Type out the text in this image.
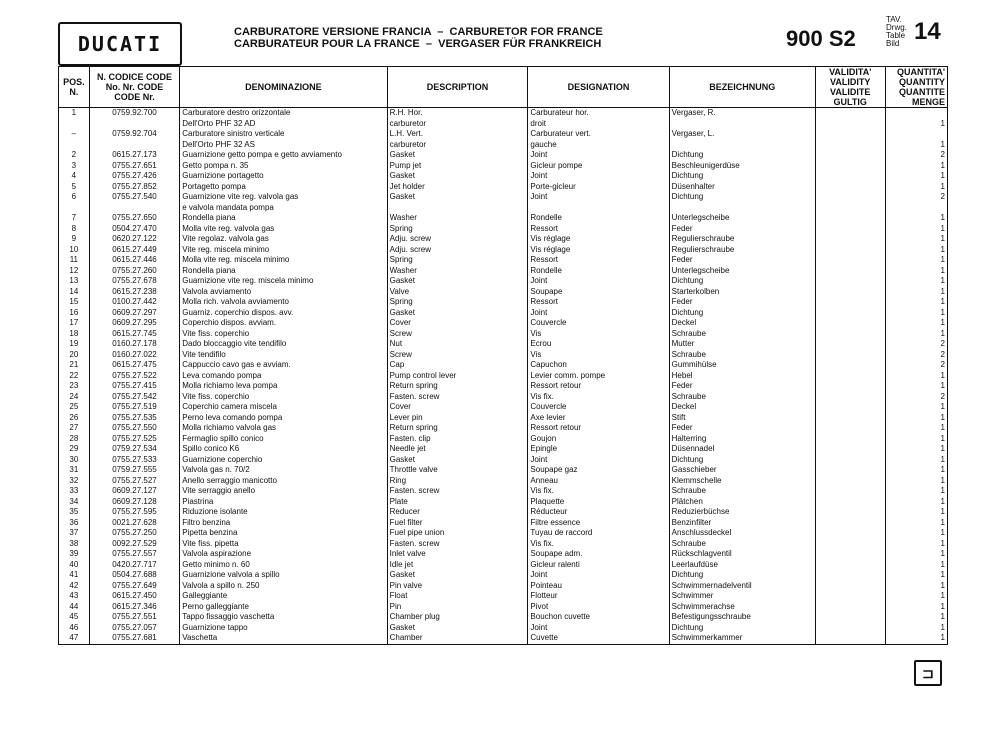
DUCATI	CARBURATORE VERSIONE FRANCIA  –  CARBURETOR FOR FRANCE
CARBURATEUR POUR LA FRANCE  –  VERGASER FÜR FRANKREICH	900 S2
TAV.
Drwg.
Table
Bild 14
POS. N.	N. CODICE CODE No. Nr. CODE CODE Nr.	DENOMINAZIONE	DESCRIPTION	DESIGNATION	BEZEICHNUNG	VALIDITA' VALIDITY VALIDITE GULTIG	QUANTITA' QUANTITY QUANTITE MENGE
1	0759.92.700	Carburatore destro orizzontale	R.H. Hor.	Carburateur hor.	Vergaser, R.		
		Dell'Orto PHF 32 AD	carburetor	droit			1
–	0759.92.704	Carburatore sinistro verticale	L.H. Vert.	Carburateur vert.	Vergaser, L.		
		Dell'Orto PHF 32 AS	carburetor	gauche			1
2	0615.27.173	Guarnizione getto pompa e getto avviamento	Gasket	Joint	Dichtung		2
3	0755.27.651	Getto pompa n. 35	Pump jet	Gicleur pompe	Beschleunigerdüse		1
4	0755.27.426	Guarnizione portagetto	Gasket	Joint	Dichtung		1
5	0755.27.852	Portagetto pompa	Jet holder	Porte-gicleur	Düsenhalter		1
6	0755.27.540	Guarnizione vite reg. valvola gas	Gasket	Joint	Dichtung		2
		e valvola mandata pompa					
7	0755.27.650	Rondella piana	Washer	Rondelle	Unterlegscheibe		1
8	0504.27.470	Molla vite reg. valvola gas	Spring	Ressort	Feder		1
9	0620.27.122	Vite regolaz. valvola gas	Adju. screw	Vis réglage	Regulierschraube		1
10	0615.27.449	Vite reg. miscela minimo	Adju. screw	Vis réglage	Regulierschraube		1
11	0615.27.446	Molla vite reg. miscela minimo	Spring	Ressort	Feder		1
12	0755.27.260	Rondella piana	Washer	Rondelle	Unterlegscheibe		1
13	0755.27.678	Guarnizione vite reg. miscela minimo	Gasket	Joint	Dichtung		1
14	0615.27.238	Valvola avviamento	Valve	Soupape	Starterkolben		1
15	0100.27.442	Molla rich. valvola avviamento	Spring	Ressort	Feder		1
16	0609.27.297	Guarniz. coperchio dispos. avv.	Gasket	Joint	Dichtung		1
17	0609.27.295	Coperchio dispos. avviam.	Cover	Couvercle	Deckel		1
18	0615.27.745	Vite fiss. coperchio	Screw	Vis	Schraube		1
19	0160.27.178	Dado bloccaggio vite tendifilo	Nut	Ecrou	Mutter		2
20	0160.27.022	Vite tendifilo	Screw	Vis	Schraube		2
21	0615.27.475	Cappuccio cavo gas e avviam.	Cap	Capuchon	Gummihülse		2
22	0755.27.522	Leva comando pompa	Pump control lever	Levier comm. pompe	Hebel		1
23	0755.27.415	Molla richiamo leva pompa	Return spring	Ressort retour	Feder		1
24	0755.27.542	Vite fiss. coperchio	Fasten. screw	Vis fix.	Schraube		2
25	0755.27.519	Coperchio camera miscela	Cover	Couvercle	Deckel		1
26	0755.27.535	Perno leva comando pompa	Lever pin	Axe levier	Stift		1
27	0755.27.550	Molla richiamo valvola gas	Return spring	Ressort retour	Feder		1
28	0755.27.525	Fermaglio spillo conico	Fasten. clip	Goujon	Halterring		1
29	0759.27.534	Spillo conico K6	Needle jet	Epingle	Düsennadel		1
30	0755.27.533	Guarnizione coperchio	Gasket	Joint	Dichtung		1
31	0759.27.555	Valvola gas n. 70/2	Throttle valve	Soupape gaz	Gasschieber		1
32	0755.27.527	Anello serraggio manicotto	Ring	Anneau	Klemmschelle		1
33	0609.27.127	Vite serraggio anello	Fasten. screw	Vis fix.	Schraube		1
34	0609.27.128	Piastrina	Plate	Plaquette	Plätchen		1
35	0755.27.595	Riduzione isolante	Reducer	Réducteur	Reduzierbüchse		1
36	0021.27.628	Filtro benzina	Fuel filter	Filtre essence	Benzinfilter		1
37	0755.27.250	Pipetta benzina	Fuel pipe union	Tuyau de raccord	Anschlussdeckel		1
38	0092.27.529	Vite fiss. pipetta	Fasten. screw	Vis fix.	Schraube		1
39	0755.27.557	Valvola aspirazione	Inlet valve	Soupape adm.	Rückschlagventil		1
40	0420.27.717	Getto minimo n. 60	Idle jet	Gicleur ralenti	Leerlaufdüse		1
41	0504.27.688	Guarnizione valvola a spillo	Gasket	Joint	Dichtung		1
42	0755.27.649	Valvola a spillo n. 250	Pin valve	Pointeau	Schwimmernadelventil		1
43	0615.27.450	Galleggiante	Float	Flotteur	Schwimmer		1
44	0615.27.346	Perno galleggiante	Pin	Pivot	Schwimmerachse		1
45	0755.27.551	Tappo fissaggio vaschetta	Chamber plug	Bouchon cuvette	Befestigungsschraube		1
46	0755.27.057	Guarnizione tappo	Gasket	Joint	Dichtung		1
47	0755.27.681	Vaschetta	Chamber	Cuvette	Schwimmerkammer		1
⊐
